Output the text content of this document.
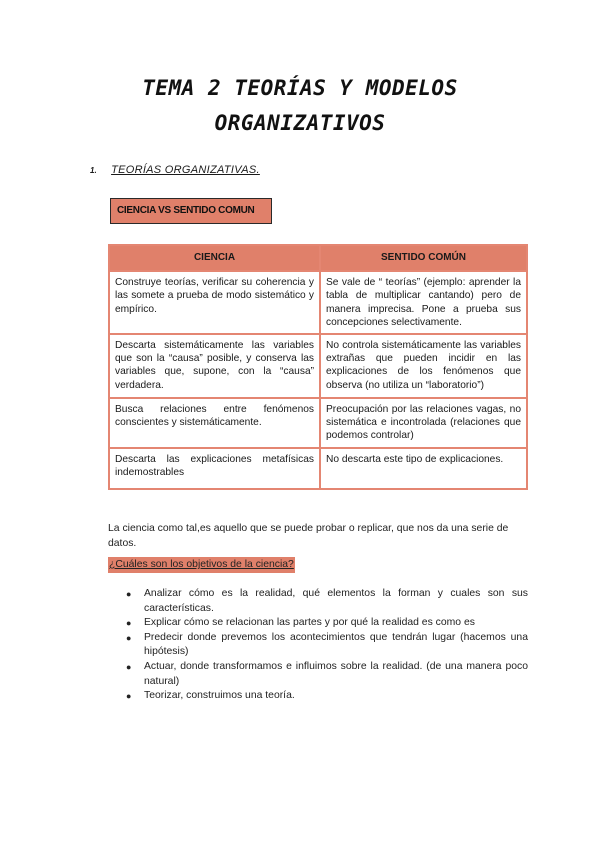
TEMA 2 TEORÍAS Y MODELOS
ORGANIZATIVOS
1. TEORÍAS ORGANIZATIVAS.
CIENCIA VS SENTIDO COMUN
CIENCIA	SENTIDO COMÚN
Construye teorías, verificar su coherencia y las somete a prueba de modo sistemático y empírico.	Se vale de “ teorías” (ejemplo: aprender la tabla de multiplicar cantando) pero de manera imprecisa. Pone a prueba sus concepciones selectivamente.
Descarta sistemáticamente las variables que son la “causa” posible, y conserva las variables que, supone, con la “causa” verdadera.	No controla sistemáticamente las variables extrañas que pueden incidir en las explicaciones de los fenómenos que observa (no utiliza un “laboratorio”)
Busca relaciones entre fenómenos conscientes y sistemáticamente.	Preocupación por las relaciones vagas, no sistemática e incontrolada (relaciones que podemos controlar)
Descarta las explicaciones metafísicas indemostrables	No descarta este tipo de explicaciones.

La ciencia como tal,es aquello que se puede probar o replicar, que nos da una serie de datos.

¿Cuáles son los objetivos de la ciencia?
● Analizar cómo es la realidad, qué elementos la forman y cuales son sus características.
● Explicar cómo se relacionan las partes y por qué la realidad es como es
● Predecir donde prevemos los acontecimientos que tendrán lugar (hacemos una hipótesis)
● Actuar, donde transformamos e influimos sobre la realidad. (de una manera poco natural)
● Teorizar, construimos una teoría.
